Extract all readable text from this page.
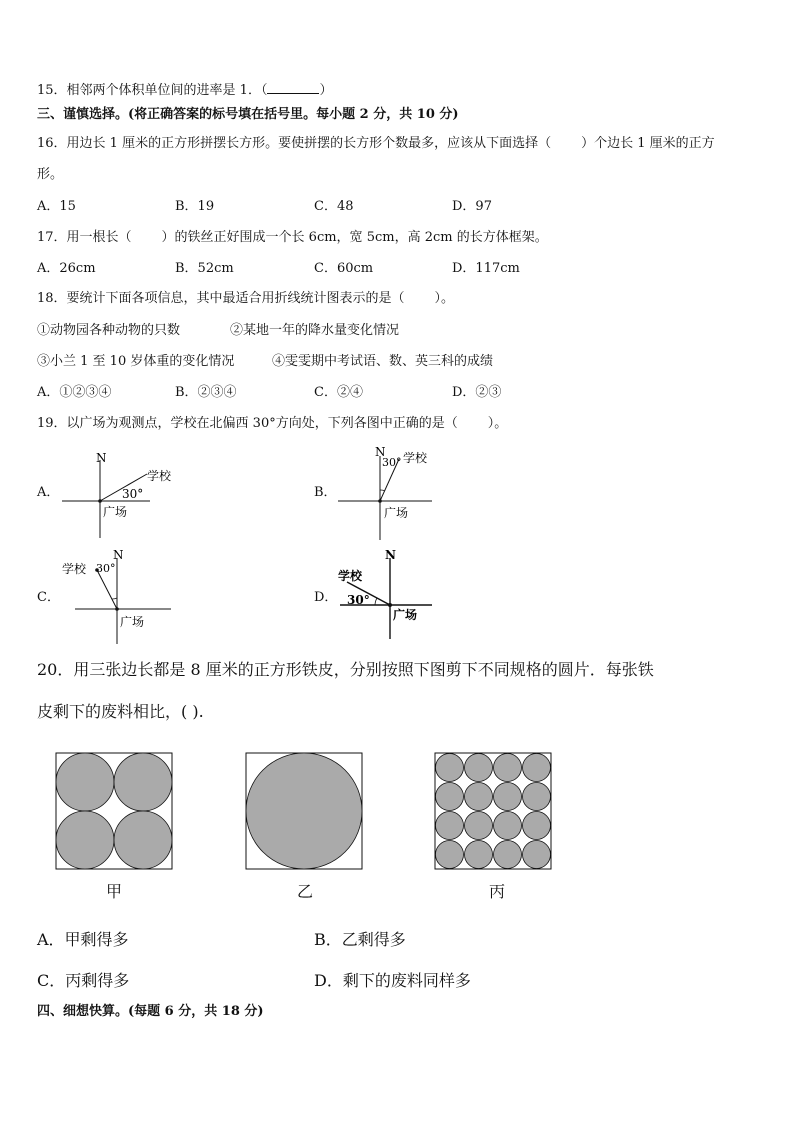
15．相邻两个体积单位间的进率是 1．（	）
三、谨慎选择。(将正确答案的标号填在括号里。每小题 2 分，共 10 分)
16．用边长 1 厘米的正方形拼摆长方形。要使拼摆的长方形个数最多，应该从下面选择（ ）个边长 1 厘米的正方
形。
A．15	B．19	C．48	D．97
17．用一根长（ ）的铁丝正好围成一个长 6cm，宽 5cm，高 2cm 的长方体框架。
A．26cm	B．52cm	C．60cm	D．117cm
18．要统计下面各项信息，其中最适合用折线统计图表示的是（ ）。
①动物园各种动物的只数	②某地一年的降水量变化情况
③小兰 1 至 10 岁体重的变化情况	④雯雯期中考试语、数、英三科的成绩
A．①②③④	B．②③④	C．②④	D．②③
19．以广场为观测点，学校在北偏西 30°方向处，下列各图中正确的是（ ）。
A．
N
学校
30°
广场
B．
N
30° 学校
广场
C．
N
学校 30°
广场
D．
N
学校
30°
广场
20．用三张边长都是 8 厘米的正方形铁皮，分别按照下图剪下不同规格的圆片．每张铁
皮剩下的废料相比，( ).
甲	乙	丙
A．甲剩得多	B．乙剩得多
C．丙剩得多	D．剩下的废料同样多
四、细想快算。(每题 6 分，共 18 分)
